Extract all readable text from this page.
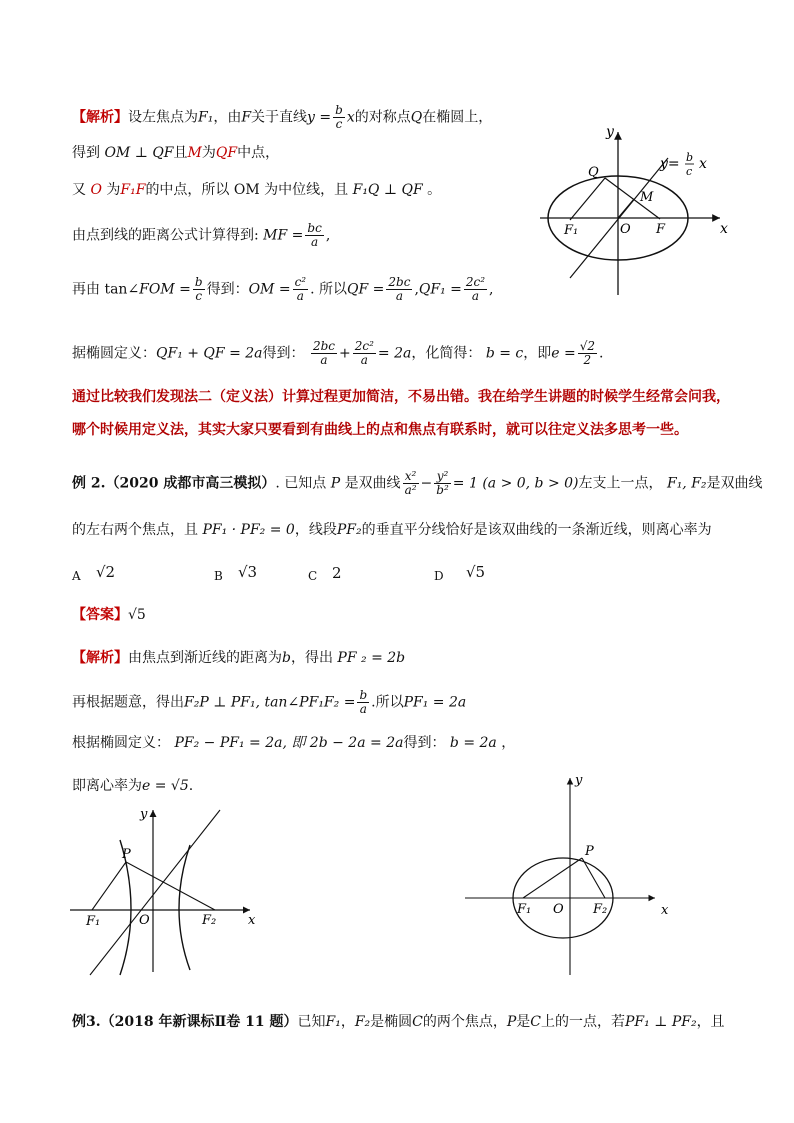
【解析】设左焦点为F₁，由F关于直线$y = \frac{b}{c}$ x的对称点Q在椭圆上，
得到 OM ⊥ QF且M为QF中点，
又 O 为F₁F的中点，所以 OM 为中位线，且 F₁Q ⊥ QF 。
由点到线的距离公式计算得到: MF = $\frac{bc}{a}$ ,
再由 tan∠FOM = $\frac{b}{c}$ 得到：OM = $\frac{\text{c²}}{a}$ . 所以QF = $\frac{2bc}{a} ,QF_1 = \frac{\text{2c²}}{a}$ ,
据椭圆定义：QF₁ + QF = 2a得到： $\frac{2bc}{a} + \frac{\text{2c²}}{a} = 2a$，化简得： b = c，即$e = \frac{√2}{2}$ .
通过比较我们发现法二（定义法）计算过程更加简洁，不易出错。我在给学生讲题的时候学生经常会问我，
哪个时候用定义法，其实大家只要看到有曲线上的点和焦点有联系时，就可以往定义法多思考一些。
例 2.（2020 成都市高三模拟）. 已知点 P 是双曲线 $\frac{\text{x²}}{\text{a²}} - \frac{\text{y²}}{\text{b²}} = 1$ (a > 0, b > 0)左支上一点， F₁, F₂是双曲线
的左右两个焦点，且 PF₁ · PF₂ = 0，线段PF₂的垂直平分线恰好是该双曲线的一条渐近线，则离心率为
A √2	B √3	C 2	D √5
【答案】√5
【解析】由焦点到渐近线的距离为b，得出 PF ₂ = 2b
再根据题意，得出F₂P ⊥ PF₁, tan∠PF₁F₂ = $\frac{b}{a}$ .所以PF₁ = 2a
根据椭圆定义： PF₂ − PF₁ = 2a, 即 2b − 2a = 2a得到： b = 2a ，
即离心率为e = √5.
例3.（2018 年新课标Ⅱ卷 11 题）已知F₁，F₂是椭圆C的两个焦点，P是C上的一点，若PF₁ ⊥ PF₂，且
y
x
Q
M
F₁	O F
y= b
c x
y
x
P
F₁	O	F₂
y
x
P
F₁ O F₂
